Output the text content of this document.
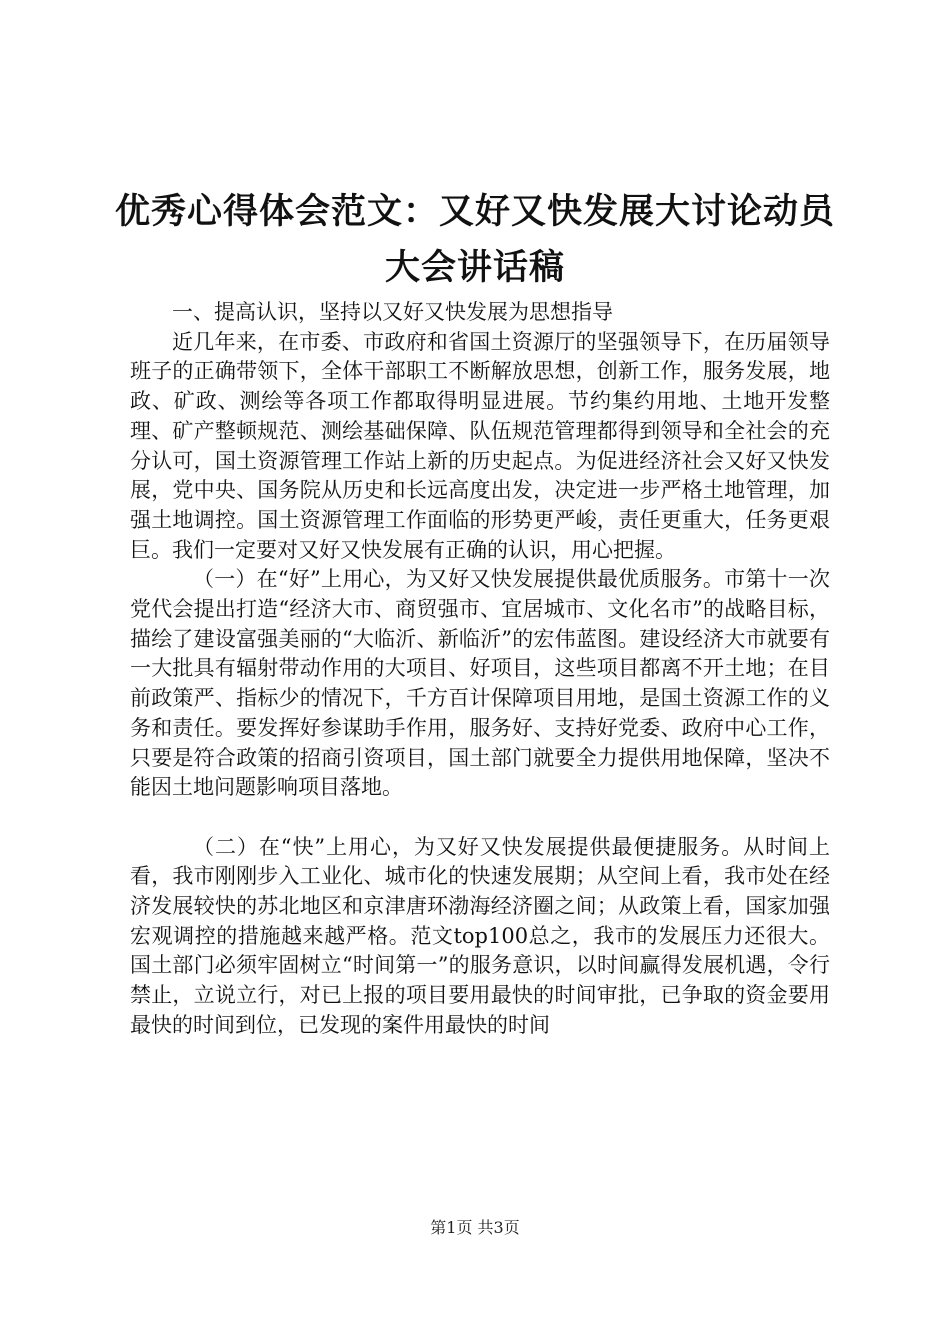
优秀心得体会范文：又好又快发展大讨论动员
大会讲话稿

一、提高认识，坚持以又好又快发展为思想指导

近几年来，在市委、市政府和省国土资源厅的坚强领导下，在历届领导班子的正确带领下，全体干部职工不断解放思想，创新工作，服务发展，地政、矿政、测绘等各项工作都取得明显进展。节约集约用地、土地开发整理、矿产整顿规范、测绘基础保障、队伍规范管理都得到领导和全社会的充分认可，国土资源管理工作站上新的历史起点。为促进经济社会又好又快发展，党中央、国务院从历史和长远高度出发，决定进一步严格土地管理，加强土地调控。国土资源管理工作面临的形势更严峻，责任更重大，任务更艰巨。我们一定要对又好又快发展有正确的认识，用心把握。

（一）在“好”上用心，为又好又快发展提供最优质服务。市第十一次党代会提出打造“经济大市、商贸强市、宜居城市、文化名市”的战略目标，描绘了建设富强美丽的“大临沂、新临沂”的宏伟蓝图。建设经济大市就要有一大批具有辐射带动作用的大项目、好项目，这些项目都离不开土地；在目前政策严、指标少的情况下，千方百计保障项目用地，是国土资源工作的义务和责任。要发挥好参谋助手作用，服务好、支持好党委、政府中心工作，只要是符合政策的招商引资项目，国土部门就要全力提供用地保障，坚决不能因土地问题影响项目落地。

（二）在“快”上用心，为又好又快发展提供最便捷服务。从时间上看，我市刚刚步入工业化、城市化的快速发展期；从空间上看，我市处在经济发展较快的苏北地区和京津唐环渤海经济圈之间；从政策上看，国家加强宏观调控的措施越来越严格。范文top100总之，我市的发展压力还很大。国土部门必须牢固树立“时间第一”的服务意识，以时间赢得发展机遇，令行禁止，立说立行，对已上报的项目要用最快的时间审批，已争取的资金要用最快的时间到位，已发现的案件用最快的时间

第1页 共3页
